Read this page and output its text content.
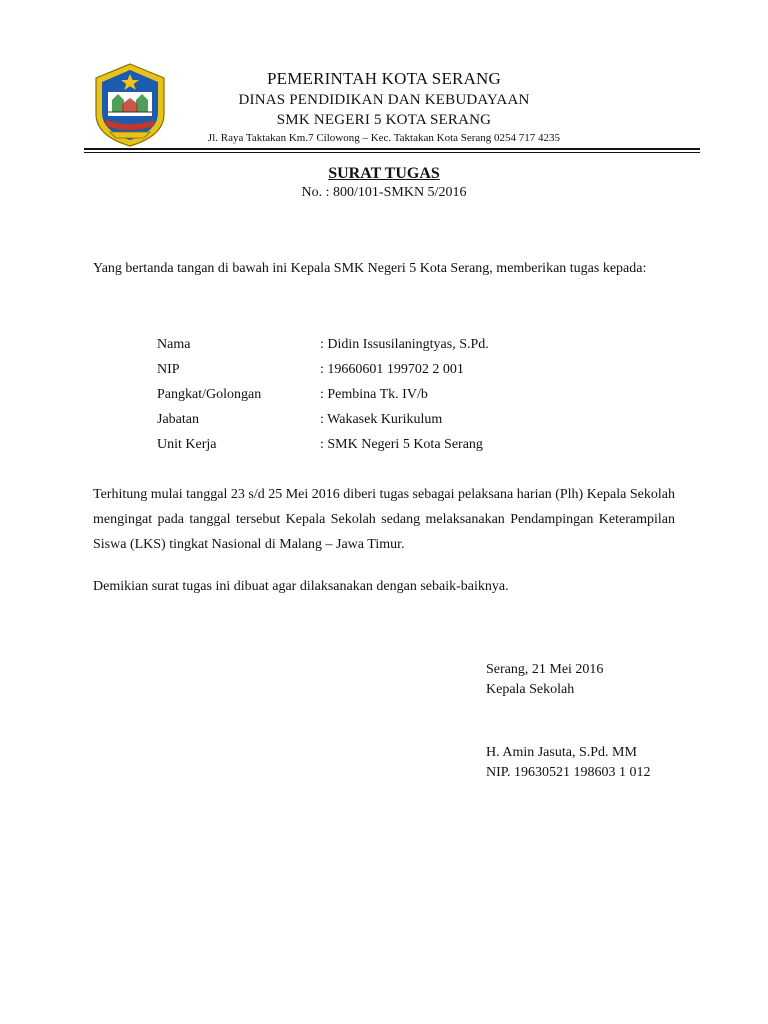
PEMERINTAH KOTA SERANG
DINAS PENDIDIKAN DAN KEBUDAYAAN
SMK NEGERI 5 KOTA SERANG
Jl. Raya Taktakan Km.7 Cilowong – Kec. Taktakan Kota Serang 0254 717 4235
SURAT TUGAS
No. : 800/101-SMKN 5/2016
Yang bertanda tangan di bawah ini Kepala SMK Negeri 5 Kota Serang, memberikan tugas kepada:
Nama	: Didin Issusilaningtyas, S.Pd.
NIP	: 19660601 199702 2 001
Pangkat/Golongan	: Pembina Tk. IV/b
Jabatan	: Wakasek Kurikulum
Unit Kerja	: SMK Negeri 5 Kota Serang
Terhitung mulai tanggal 23 s/d 25 Mei 2016 diberi tugas sebagai pelaksana harian (Plh) Kepala Sekolah mengingat pada tanggal tersebut Kepala Sekolah sedang melaksanakan Pendampingan Keterampilan Siswa (LKS) tingkat Nasional di Malang – Jawa Timur.
Demikian surat tugas ini dibuat agar dilaksanakan dengan sebaik-baiknya.
Serang, 21 Mei 2016
Kepala Sekolah
H. Amin Jasuta, S.Pd. MM
NIP. 19630521 198603 1 012
